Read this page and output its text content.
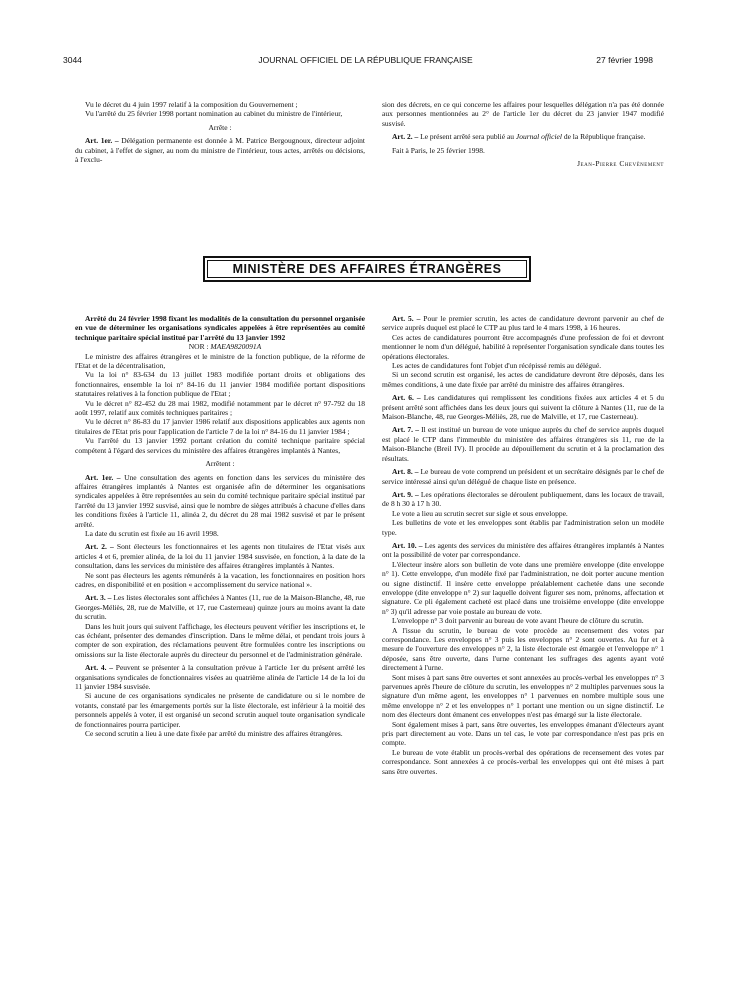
3044	JOURNAL OFFICIEL DE LA RÉPUBLIQUE FRANÇAISE	27 février 1998

Vu le décret du 4 juin 1997 relatif à la composition du Gouvernement ;

Vu l'arrêté du 25 février 1998 portant nomination au cabinet du ministre de l'intérieur,

Arrête :

Art. 1er. – Délégation permanente est donnée à M. Patrice Bergougnoux, directeur adjoint du cabinet, à l'effet de signer, au nom du ministre de l'intérieur, tous actes, arrêtés ou décisions, à l'exclu-

sion des décrets, en ce qui concerne les affaires pour lesquelles délégation n'a pas été donnée aux personnes mentionnées au 2° de l'article 1er du décret du 23 janvier 1947 modifié susvisé.

Art. 2. – Le présent arrêté sera publié au Journal officiel de la République française.

Fait à Paris, le 25 février 1998.

Jean-Pierre Chevènement

MINISTÈRE DES AFFAIRES ÉTRANGÈRES

Arrêté du 24 février 1998 fixant les modalités de la consultation du personnel organisée en vue de déterminer les organisations syndicales appelées à être représentées au comité technique paritaire spécial institué par l'arrêté du 13 janvier 1992

NOR : MAEA9820091A

Le ministre des affaires étrangères et le ministre de la fonction publique, de la réforme de l'Etat et de la décentralisation,

Vu la loi n° 83-634 du 13 juillet 1983 modifiée portant droits et obligations des fonctionnaires, ensemble la loi n° 84-16 du 11 janvier 1984 modifiée portant dispositions statutaires relatives à la fonction publique de l'Etat ;

Vu le décret n° 82-452 du 28 mai 1982, modifié notamment par le décret n° 97-792 du 18 août 1997, relatif aux comités techniques paritaires ;

Vu le décret n° 86-83 du 17 janvier 1986 relatif aux dispositions applicables aux agents non titulaires de l'Etat pris pour l'application de l'article 7 de la loi n° 84-16 du 11 janvier 1984 ;

Vu l'arrêté du 13 janvier 1992 portant création du comité technique paritaire spécial compétent à l'égard des services du ministère des affaires étrangères implantés à Nantes,

Arrêtent :

Art. 1er. – Une consultation des agents en fonction dans les services du ministère des affaires étrangères implantés à Nantes est organisée afin de déterminer les organisations syndicales appelées à être représentées au sein du comité technique paritaire spécial institué par l'arrêté du 13 janvier 1992 susvisé, ainsi que le nombre de sièges attribués à chacune d'elles dans les conditions fixées à l'article 11, alinéa 2, du décret du 28 mai 1982 susvisé et par le présent arrêté.

La date du scrutin est fixée au 16 avril 1998.

Art. 2. – Sont électeurs les fonctionnaires et les agents non titulaires de l'Etat visés aux articles 4 et 6, premier alinéa, de la loi du 11 janvier 1984 susvisée, en fonction, à la date de la consultation, dans les services du ministère des affaires étrangères implantés à Nantes.

Ne sont pas électeurs les agents rémunérés à la vacation, les fonctionnaires en position hors cadres, en disponibilité et en position « accomplissement du service national ».

Art. 3. – Les listes électorales sont affichées à Nantes (11, rue de la Maison-Blanche, 48, rue Georges-Méliès, 28, rue de Malville, et 17, rue Casterneau) quinze jours au moins avant la date du scrutin.

Dans les huit jours qui suivent l'affichage, les électeurs peuvent vérifier les inscriptions et, le cas échéant, présenter des demandes d'inscription. Dans le même délai, et pendant trois jours à compter de son expiration, des réclamations peuvent être formulées contre les inscriptions ou omissions sur la liste électorale auprès du directeur du personnel et de l'administration générale.

Art. 4. – Peuvent se présenter à la consultation prévue à l'article 1er du présent arrêté les organisations syndicales de fonctionnaires visées au quatrième alinéa de l'article 14 de la loi du 11 janvier 1984 susvisée.

Si aucune de ces organisations syndicales ne présente de candidature ou si le nombre de votants, constaté par les émargements portés sur la liste électorale, est inférieur à la moitié des personnels appelés à voter, il est organisé un second scrutin auquel toute organisation syndicale de fonctionnaires pourra participer.

Ce second scrutin a lieu à une date fixée par arrêté du ministre des affaires étrangères.

Art. 5. – Pour le premier scrutin, les actes de candidature devront parvenir au chef de service auprès duquel est placé le CTP au plus tard le 4 mars 1998, à 16 heures.

Ces actes de candidatures pourront être accompagnés d'une profession de foi et devront mentionner le nom d'un délégué, habilité à représenter l'organisation syndicale dans toutes les opérations électorales.

Les actes de candidatures font l'objet d'un récépissé remis au délégué.

Si un second scrutin est organisé, les actes de candidature devront être déposés, dans les mêmes conditions, à une date fixée par arrêté du ministre des affaires étrangères.

Art. 6. – Les candidatures qui remplissent les conditions fixées aux articles 4 et 5 du présent arrêté sont affichées dans les deux jours qui suivent la clôture à Nantes (11, rue de la Maison-Blanche, 48, rue Georges-Méliès, 28, rue de Malville, et 17, rue Casterneau).

Art. 7. – Il est institué un bureau de vote unique auprès du chef de service auprès duquel est placé le CTP dans l'immeuble du ministère des affaires étrangères sis 11, rue de la Maison-Blanche (Breil IV). Il procède au dépouillement du scrutin et à la proclamation des résultats.

Art. 8. – Le bureau de vote comprend un président et un secrétaire désignés par le chef de service intéressé ainsi qu'un délégué de chaque liste en présence.

Art. 9. – Les opérations électorales se déroulent publiquement, dans les locaux de travail, de 8 h 30 à 17 h 30.

Le vote a lieu au scrutin secret sur sigle et sous enveloppe.

Les bulletins de vote et les enveloppes sont établis par l'administration selon un modèle type.

Art. 10. – Les agents des services du ministère des affaires étrangères implantés à Nantes ont la possibilité de voter par correspondance.

L'électeur insère alors son bulletin de vote dans une première enveloppe (dite enveloppe n° 1). Cette enveloppe, d'un modèle fixé par l'administration, ne doit porter aucune mention ou signe distinctif. Il insère cette enveloppe préalablement cachetée dans une seconde enveloppe (dite enveloppe n° 2) sur laquelle doivent figurer ses nom, prénoms, affectation et signature. Ce pli également cacheté est placé dans une troisième enveloppe (dite enveloppe n° 3) qu'il adresse par voie postale au bureau de vote.

L'enveloppe n° 3 doit parvenir au bureau de vote avant l'heure de clôture du scrutin.

A l'issue du scrutin, le bureau de vote procède au recensement des votes par correspondance. Les enveloppes n° 3 puis les enveloppes n° 2 sont ouvertes. Au fur et à mesure de l'ouverture des enveloppes n° 2, la liste électorale est émargée et l'enveloppe n° 1 déposée, sans être ouverte, dans l'urne contenant les suffrages des agents ayant voté directement à l'urne.

Sont mises à part sans être ouvertes et sont annexées au procès-verbal les enveloppes n° 3 parvenues après l'heure de clôture du scrutin, les enveloppes n° 2 multiples parvenues sous la signature d'un même agent, les enveloppes n° 1 parvenues en nombre multiple sous une même enveloppe n° 2 et les enveloppes n° 1 portant une mention ou un signe distinctif. Le nom des électeurs dont émanent ces enveloppes n'est pas émargé sur la liste électorale.

Sont également mises à part, sans être ouvertes, les enveloppes émanant d'électeurs ayant pris part directement au vote. Dans un tel cas, le vote par correspondance n'est pas pris en compte.

Le bureau de vote établit un procès-verbal des opérations de recensement des votes par correspondance. Sont annexées à ce procès-verbal les enveloppes qui ont été mises à part sans être ouvertes.
